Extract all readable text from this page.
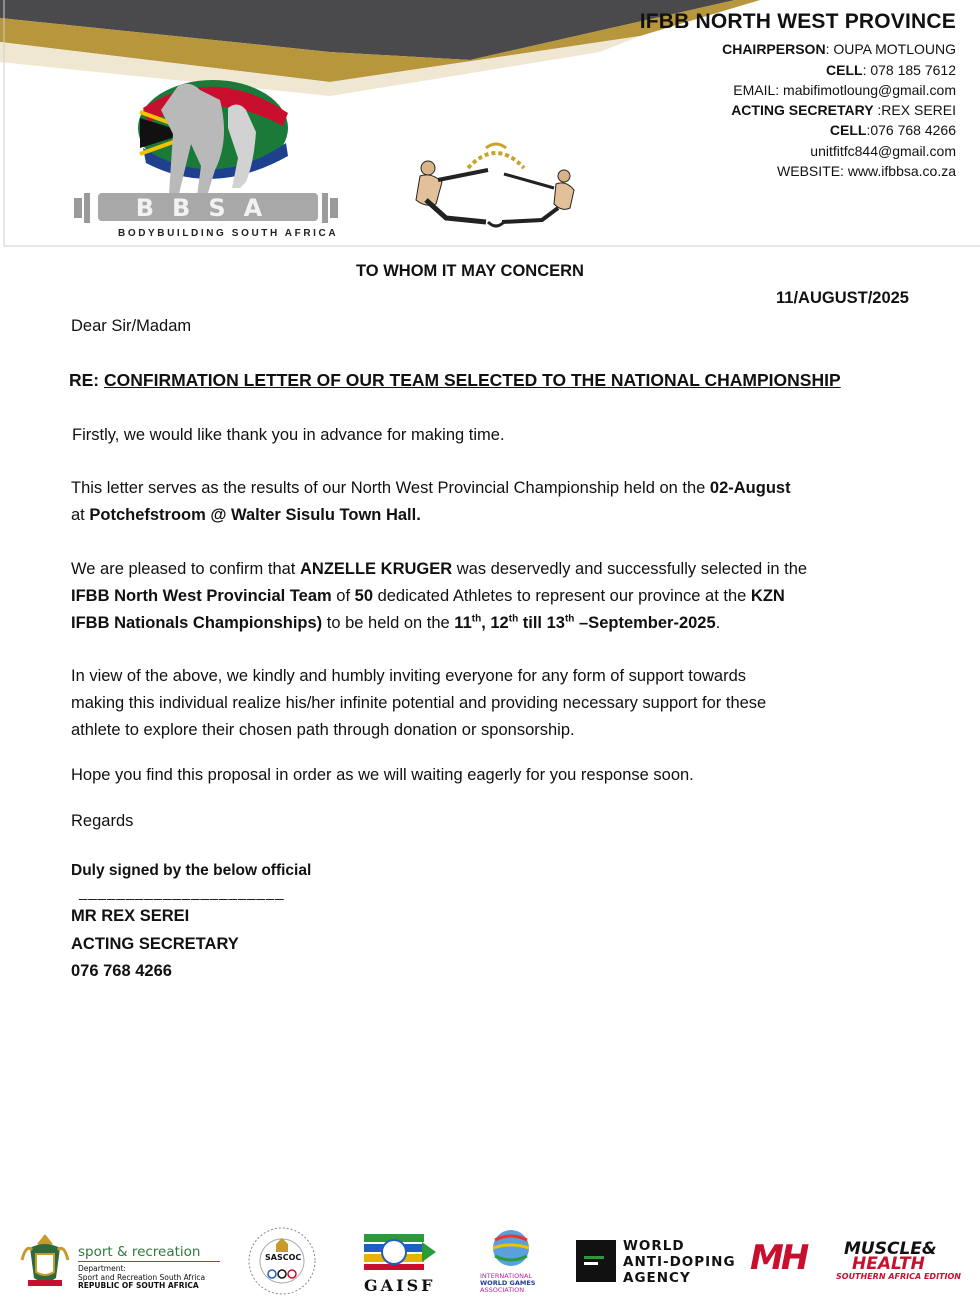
BBSA
BODYBUILDING SOUTH AFRICA
IFBB NORTH WEST PROVINCE
CHAIRPERSON: OUPA MOTLOUNG
CELL: 078 185 7612
EMAIL: mabifimotloung@gmail.com
ACTING SECRETARY :REX SEREI
CELL:076 768 4266
unitfitfc844@gmail.com
WEBSITE: www.ifbbsa.co.za
TO WHOM IT MAY CONCERN
11/AUGUST/2025
Dear Sir/Madam
RE: CONFIRMATION LETTER OF OUR TEAM SELECTED TO THE NATIONAL CHAMPIONSHIP
Firstly, we would like thank you in advance for making time.
This letter serves as the results of our North West Provincial Championship held on the 02-August
at Potchefstroom @ Walter Sisulu Town Hall.
We are pleased to confirm that ANZELLE KRUGER was deservedly and successfully selected in the
IFBB North West Provincial Team of 50 dedicated Athletes to represent our province at the KZN
IFBB Nationals Championships) to be held on the 11th, 12th till 13th –September-2025.
In view of the above, we kindly and humbly inviting everyone for any form of support towards
making this individual realize his/her infinite potential and providing necessary support for these
athlete to explore their chosen path through donation or sponsorship.
Hope you find this proposal in order as we will waiting eagerly for you response soon.
Regards
Duly signed by the below official
______________________
MR REX SEREI
ACTING SECRETARY
076 768 4266
sport & recreation
Department:
Sport and Recreation South Africa
REPUBLIC OF SOUTH AFRICA
SASCOC
GAISF	INTERNATIONAL
WORLD GAMES
ASSOCIATION
WORLD
ANTI-DOPING
AGENCY MH MUSCLE&
HEALTH
SOUTHERN AFRICA EDITION
